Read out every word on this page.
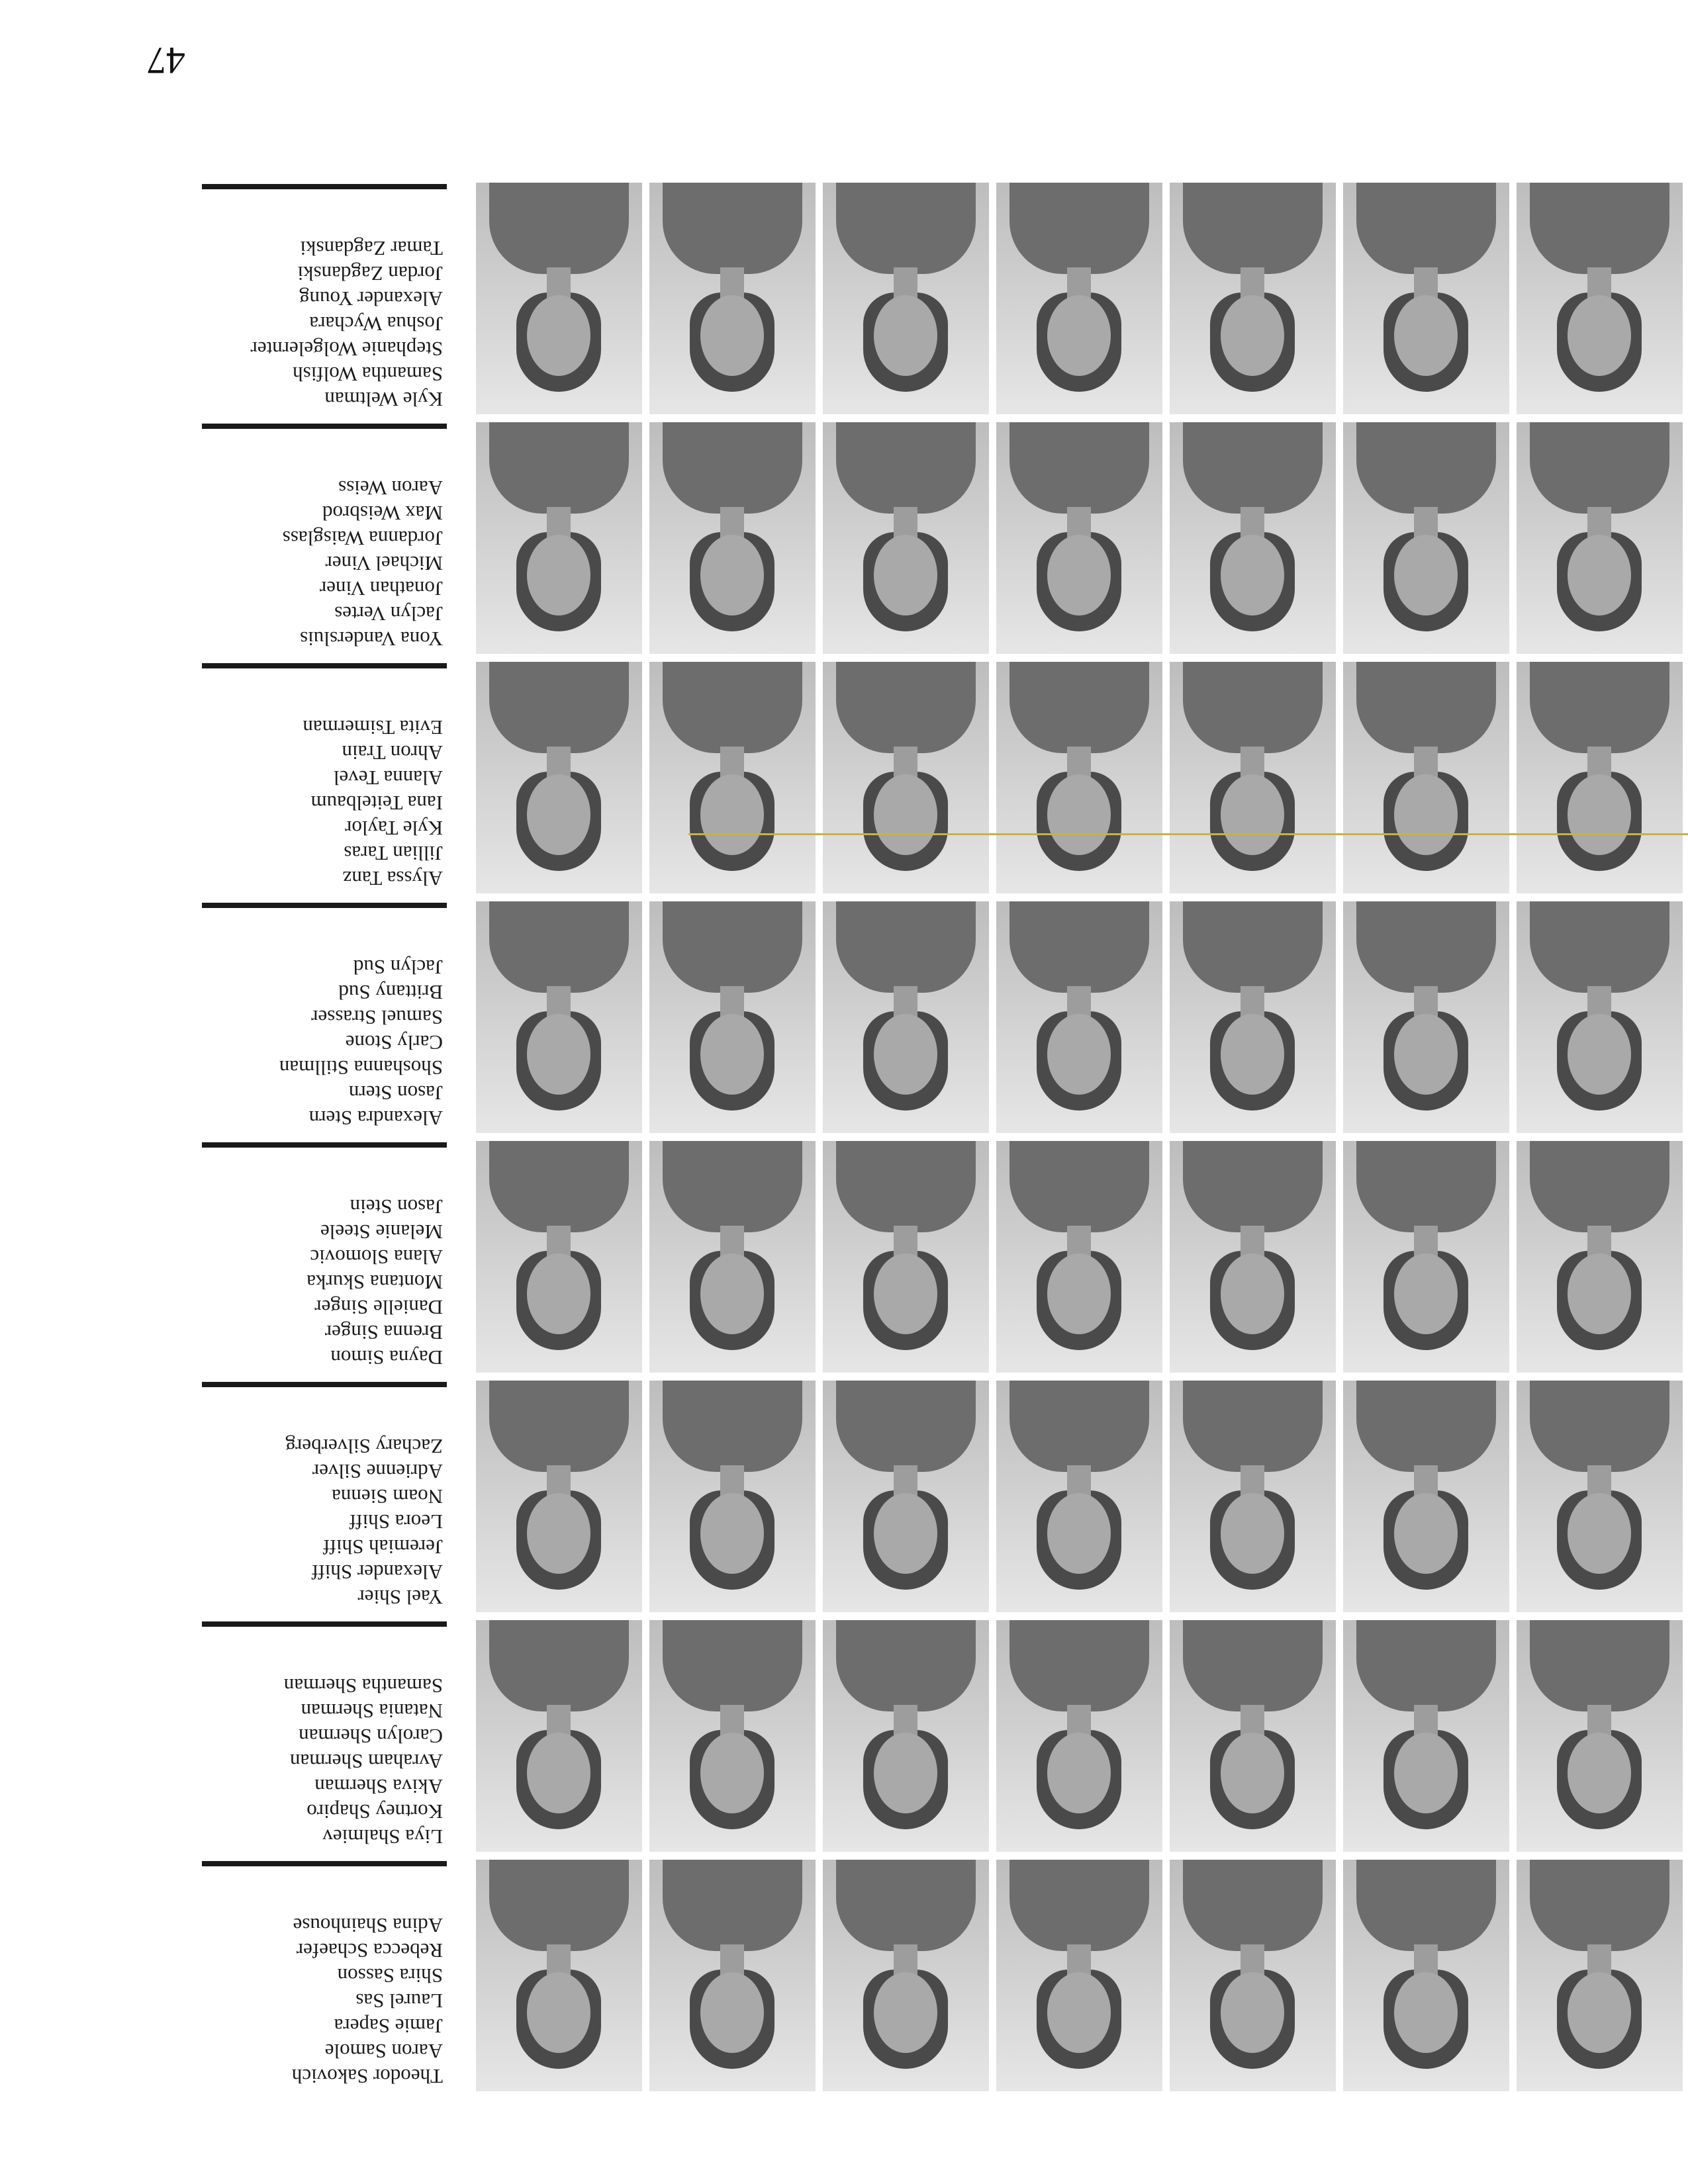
47
Theodor Sakovich
Aaron Samole
Jamie Sapera
Laurel Sas
Shira Sasson
Rebecca Schaefer
Adina Shainhouse
Liya Shalmiev
Kortney Shapiro
Akiva Sherman
Avraham Sherman
Carolyn Sherman
Natania Sherman
Samantha Sherman
Yael Shier
Alexander Shiff
Jeremiah Shiff
Leora Shiff
Noam Sienna
Adrienne Silver
Zachary Silverberg
Dayna Simon
Brenna Singer
Danielle Singer
Montana Skurka
Alana Slomovic
Melanie Steele
Jason Stein
Alexandra Stern
Jason Stern
Shoshanna Stillman
Carly Stone
Samuel Strasser
Brittany Sud
Jaclyn Sud
Alyssa Tanz
Jillian Taras
Kyle Taylor
Iana Teitelbaum
Alanna Tevel
Ahron Train
Evita Tsimerman
Yona Vandersluis
Jaclyn Vertes
Jonathan Viner
Michael Viner
Jordanna Waisglass
Max Weisbrod
Aaron Weiss
Kyle Weltman
Samantha Wolfish
Stephanie Wolgelernter
Joshua Wychara
Alexander Young
Jordan Zagdanski
Tamar Zagdanski
